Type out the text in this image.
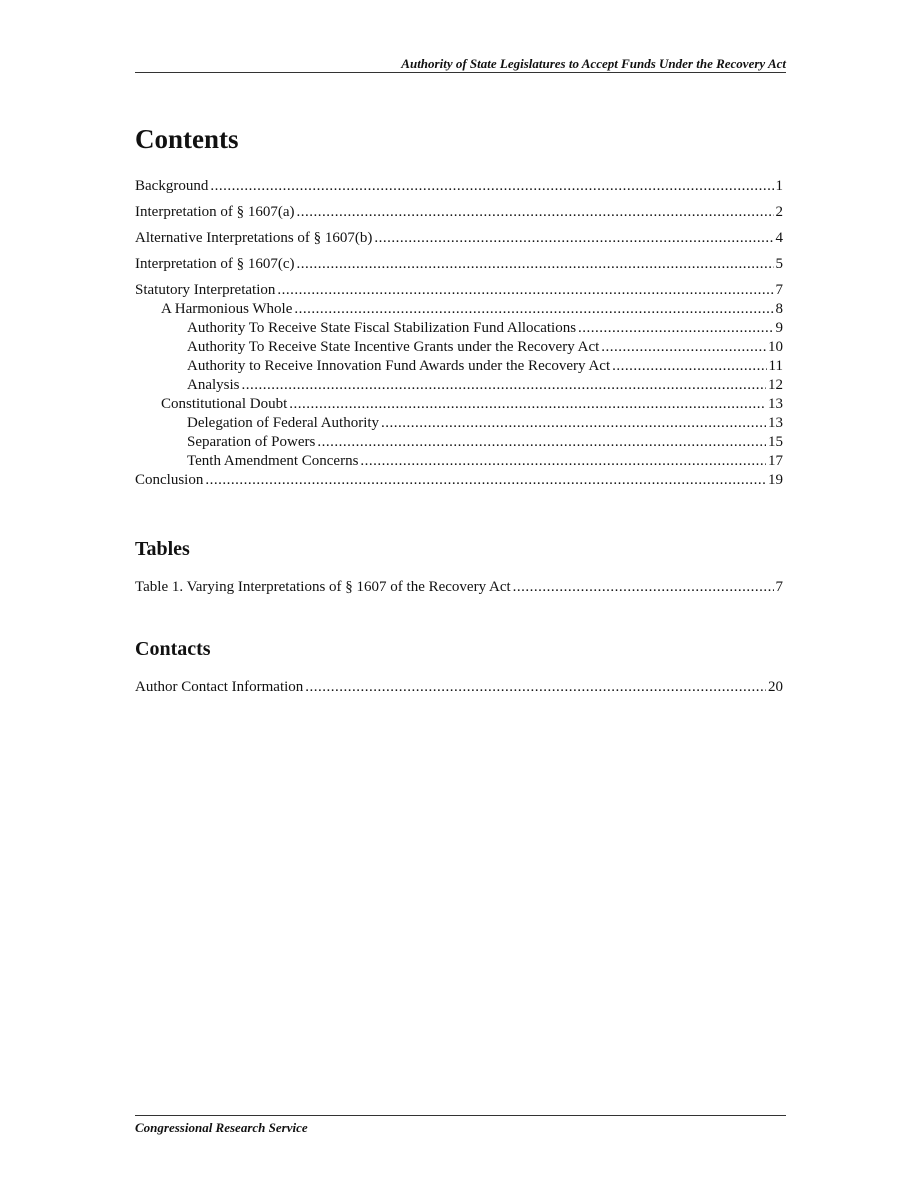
Authority of State Legislatures to Accept Funds Under the Recovery Act
Contents
Background .....	1
Interpretation of § 1607(a) .....	2
Alternative Interpretations of § 1607(b) .....	4
Interpretation of § 1607(c) .....	5
Statutory Interpretation .....	7
A Harmonious Whole .....	8
Authority To Receive State Fiscal Stabilization Fund Allocations .....	9
Authority To Receive State Incentive Grants under the Recovery Act .....	10
Authority to Receive Innovation Fund Awards under the Recovery Act .....	11
Analysis .....	12
Constitutional Doubt .....	13
Delegation of Federal Authority .....	13
Separation of Powers .....	15
Tenth Amendment Concerns .....	17
Conclusion .....	19
Tables
Table 1. Varying Interpretations of § 1607 of the Recovery Act .....	7
Contacts
Author Contact Information .....	20
Congressional Research Service
